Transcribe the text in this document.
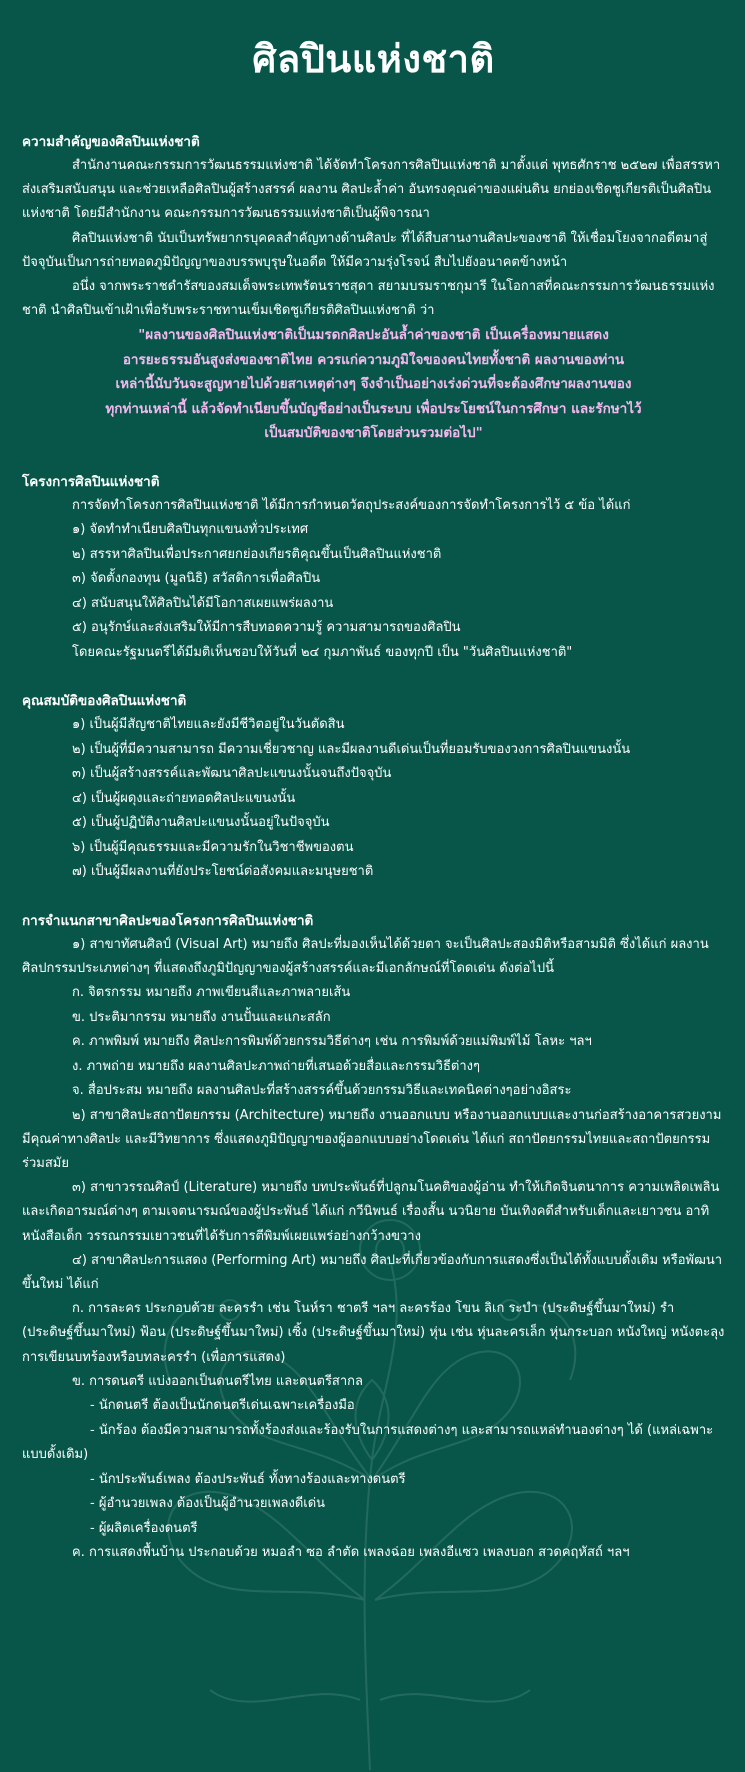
ศิลปินแห่งชาติ

ความสำคัญของศิลปินแห่งชาติ

สำนักงานคณะกรรมการวัฒนธรรมแห่งชาติ ได้จัดทำโครงการศิลปินแห่งชาติ มาตั้งแต่ พุทธศักราช ๒๕๒๗ เพื่อสรรหา ส่งเสริมสนับสนุน และช่วยเหลือศิลปินผู้สร้างสรรค์ ผลงาน ศิลปะล้ำค่า อันทรงคุณค่าของแผ่นดิน ยกย่องเชิดชูเกียรติเป็นศิลปินแห่งชาติ โดยมีสำนักงาน คณะกรรมการวัฒนธรรมแห่งชาติเป็นผู้พิจารณา

ศิลปินแห่งชาติ นับเป็นทรัพยากรบุคคลสำคัญทางด้านศิลปะ ที่ได้สืบสานงานศิลปะของชาติ ให้เชื่อมโยงจากอดีตมาสู่ปัจจุบันเป็นการถ่ายทอดภูมิปัญญาของบรรพบุรุษในอดีต ให้มีความรุ่งโรจน์ สืบไปยังอนาคตข้างหน้า

อนึ่ง จากพระราชดำรัสของสมเด็จพระเทพรัตนราชสุดา สยามบรมราชกุมารี ในโอกาสที่คณะกรรมการวัฒนธรรมแห่งชาติ นำศิลปินเข้าเฝ้าเพื่อรับพระราชทานเข็มเชิดชูเกียรติศิลปินแห่งชาติ ว่า

"ผลงานของศิลปินแห่งชาติเป็นมรดกศิลปะอันล้ำค่าของชาติ เป็นเครื่องหมายแสดง

อารยะธรรมอันสูงส่งของชาติไทย ควรแก่ความภูมิใจของคนไทยทั้งชาติ ผลงานของท่าน

เหล่านี้นับวันจะสูญหายไปด้วยสาเหตุต่างๆ จึงจำเป็นอย่างเร่งด่วนที่จะต้องศึกษาผลงานของ

ทุกท่านเหล่านี้ แล้วจัดทำเนียบขึ้นบัญชีอย่างเป็นระบบ เพื่อประโยชน์ในการศึกษา และรักษาไว้

เป็นสมบัติของชาติโดยส่วนรวมต่อไป"

โครงการศิลปินแห่งชาติ

การจัดทำโครงการศิลปินแห่งชาติ ได้มีการกำหนดวัตถุประสงค์ของการจัดทำโครงการไว้ ๕ ข้อ ได้แก่

๑) จัดทำทำเนียบศิลปินทุกแขนงทั่วประเทศ

๒) สรรหาศิลปินเพื่อประกาศยกย่องเกียรติคุณขึ้นเป็นศิลปินแห่งชาติ

๓) จัดตั้งกองทุน (มูลนิธิ) สวัสดิการเพื่อศิลปิน

๔) สนับสนุนให้ศิลปินได้มีโอกาสเผยแพร่ผลงาน

๕) อนุรักษ์และส่งเสริมให้มีการสืบทอดความรู้ ความสามารถของศิลปิน

โดยคณะรัฐมนตรีได้มีมติเห็นชอบให้วันที่ ๒๔ กุมภาพันธ์ ของทุกปี เป็น "วันศิลปินแห่งชาติ"

คุณสมบัติของศิลปินแห่งชาติ

๑) เป็นผู้มีสัญชาติไทยและยังมีชีวิตอยู่ในวันตัดสิน

๒) เป็นผู้ที่มีความสามารถ มีความเชี่ยวชาญ และมีผลงานดีเด่นเป็นที่ยอมรับของวงการศิลปินแขนงนั้น

๓) เป็นผู้สร้างสรรค์และพัฒนาศิลปะแขนงนั้นจนถึงปัจจุบัน

๔) เป็นผู้ผดุงและถ่ายทอดศิลปะแขนงนั้น

๕) เป็นผู้ปฏิบัติงานศิลปะแขนงนั้นอยู่ในปัจจุบัน

๖) เป็นผู้มีคุณธรรมและมีความรักในวิชาชีพของตน

๗) เป็นผู้มีผลงานที่ยังประโยชน์ต่อสังคมและมนุษยชาติ

การจำแนกสาขาศิลปะของโครงการศิลปินแห่งชาติ

๑) สาขาทัศนศิลป์ (Visual Art) หมายถึง ศิลปะที่มองเห็นได้ด้วยตา จะเป็นศิลปะสองมิติหรือสามมิติ ซึ่งได้แก่ ผลงานศิลปกรรมประเภทต่างๆ ที่แสดงถึงภูมิปัญญาของผู้สร้างสรรค์และมีเอกลักษณ์ที่โดดเด่น ดังต่อไปนี้

ก. จิตรกรรม หมายถึง ภาพเขียนสีและภาพลายเส้น

ข. ประติมากรรม หมายถึง งานปั้นและแกะสลัก

ค. ภาพพิมพ์ หมายถึง ศิลปะการพิมพ์ด้วยกรรมวิธีต่างๆ เช่น การพิมพ์ด้วยแม่พิมพ์ไม้ โลหะ ฯลฯ

ง. ภาพถ่าย หมายถึง ผลงานศิลปะภาพถ่ายที่เสนอด้วยสื่อและกรรมวิธีต่างๆ

จ. สื่อประสม หมายถึง ผลงานศิลปะที่สร้างสรรค์ขึ้นด้วยกรรมวิธีและเทคนิคต่างๆอย่างอิสระ

๒) สาขาศิลปะสถาปัตยกรรม (Architecture) หมายถึง งานออกแบบ หรืองานออกแบบและงานก่อสร้างอาคารสวยงามมีคุณค่าทางศิลปะ และมีวิทยาการ ซึ่งแสดงภูมิปัญญาของผู้ออกแบบอย่างโดดเด่น ได้แก่ สถาปัตยกรรมไทยและสถาปัตยกรรมร่วมสมัย

๓) สาขาวรรณศิลป์ (Literature) หมายถึง บทประพันธ์ที่ปลูกมโนคติของผู้อ่าน ทำให้เกิดจินตนาการ ความเพลิดเพลิน และเกิดอารมณ์ต่างๆ ตามเจตนารมณ์ของผู้ประพันธ์ ได้แก่ กวีนิพนธ์ เรื่องสั้น นวนิยาย บันเทิงคดีสำหรับเด็กและเยาวชน อาทิ หนังสือเด็ก วรรณกรรมเยาวชนที่ได้รับการตีพิมพ์เผยแพร่อย่างกว้างขวาง

๔) สาขาศิลปะการแสดง (Performing Art) หมายถึง ศิลปะที่เกี่ยวข้องกับการแสดงซึ่งเป็นได้ทั้งแบบดั้งเดิม หรือพัฒนาขึ้นใหม่ ได้แก่

ก. การละคร ประกอบด้วย ละครรำ เช่น โนห์รา ชาตรี ฯลฯ ละครร้อง โขน ลิเก ระบำ (ประดิษฐ์ขึ้นมาใหม่) รำ (ประดิษฐ์ขึ้นมาใหม่) ฟ้อน (ประดิษฐ์ขึ้นมาใหม่) เซิ้ง (ประดิษฐ์ขึ้นมาใหม่) หุ่น เช่น หุ่นละครเล็ก หุ่นกระบอก หนังใหญ่ หนังตะลุง การเขียนบทร้องหรือบทละครรำ (เพื่อการแสดง)

ข. การดนตรี แบ่งออกเป็นดนตรีไทย และดนตรีสากล

- นักดนตรี ต้องเป็นนักดนตรีเด่นเฉพาะเครื่องมือ

- นักร้อง ต้องมีความสามารถทั้งร้องส่งและร้องรับในการแสดงต่างๆ และสามารถแหล่ทำนองต่างๆ ได้ (แหล่เฉพาะแบบดั้งเดิม)

- นักประพันธ์เพลง ต้องประพันธ์ ทั้งทางร้องและทางดนตรี

- ผู้อำนวยเพลง ต้องเป็นผู้อำนวยเพลงดีเด่น

- ผู้ผลิตเครื่องดนตรี

ค. การแสดงพื้นบ้าน ประกอบด้วย หมอลำ ซอ ลำตัด เพลงฉ่อย เพลงอีแซว เพลงบอก สวดคฤหัสถ์ ฯลฯ
